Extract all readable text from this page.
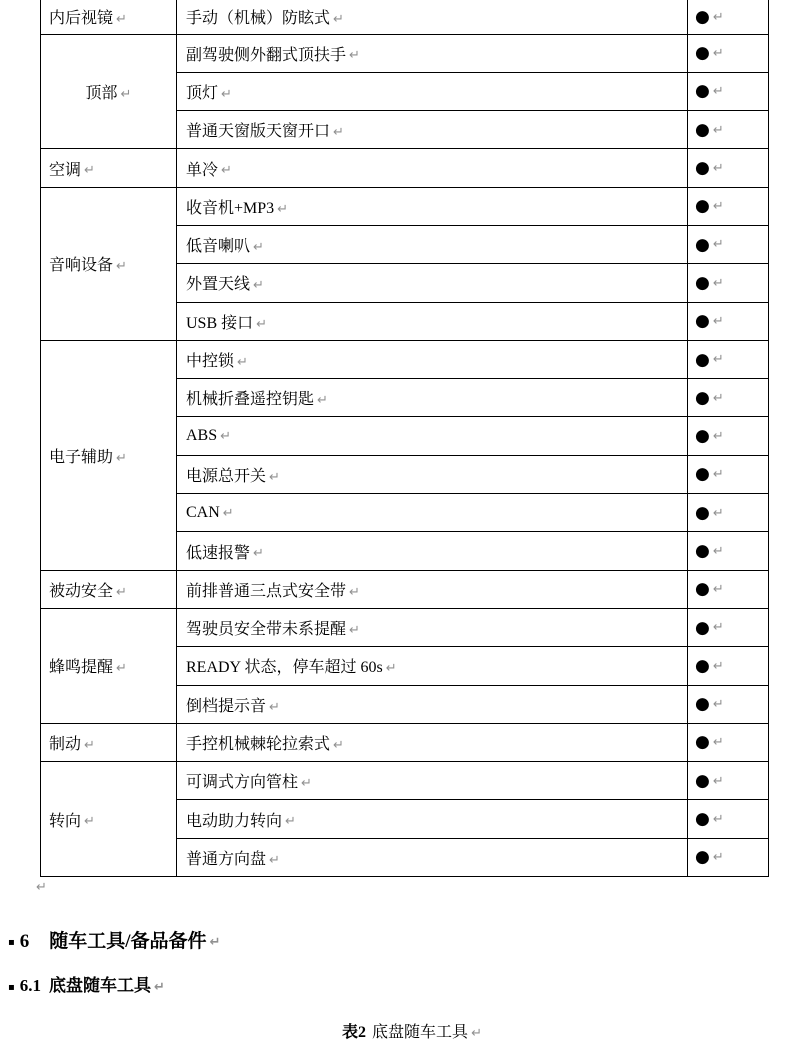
内后视镜 ↵	手动（机械）防眩式 ↵	● ↵
顶部 ↵	副驾驶侧外翻式顶扶手 ↵	● ↵
	顶灯 ↵	● ↵
	普通天窗版天窗开口 ↵	● ↵
空调 ↵	单冷 ↵	● ↵
音响设备 ↵	收音机+MP3 ↵	● ↵
	低音喇叭 ↵	● ↵
	外置天线 ↵	● ↵
	USB 接口 ↵	● ↵
电子辅助 ↵	中控锁 ↵	● ↵
	机械折叠遥控钥匙 ↵	● ↵
	ABS ↵	● ↵
	电源总开关 ↵	● ↵
	CAN ↵	● ↵
	低速报警 ↵	● ↵
被动安全 ↵	前排普通三点式安全带 ↵	● ↵
蜂鸣提醒 ↵	驾驶员安全带未系提醒 ↵	● ↵
	READY 状态，停车超过 60s ↵	● ↵
	倒档提示音 ↵	● ↵
制动 ↵	手控机械棘轮拉索式 ↵	● ↵
转向 ↵	可调式方向管柱 ↵	● ↵
	电动助力转向 ↵	● ↵
	普通方向盘 ↵	● ↵
↵
▪ 6 随车工具/备品备件 ↵
▪ 6.1 底盘随车工具 ↵
表2 底盘随车工具 ↵
